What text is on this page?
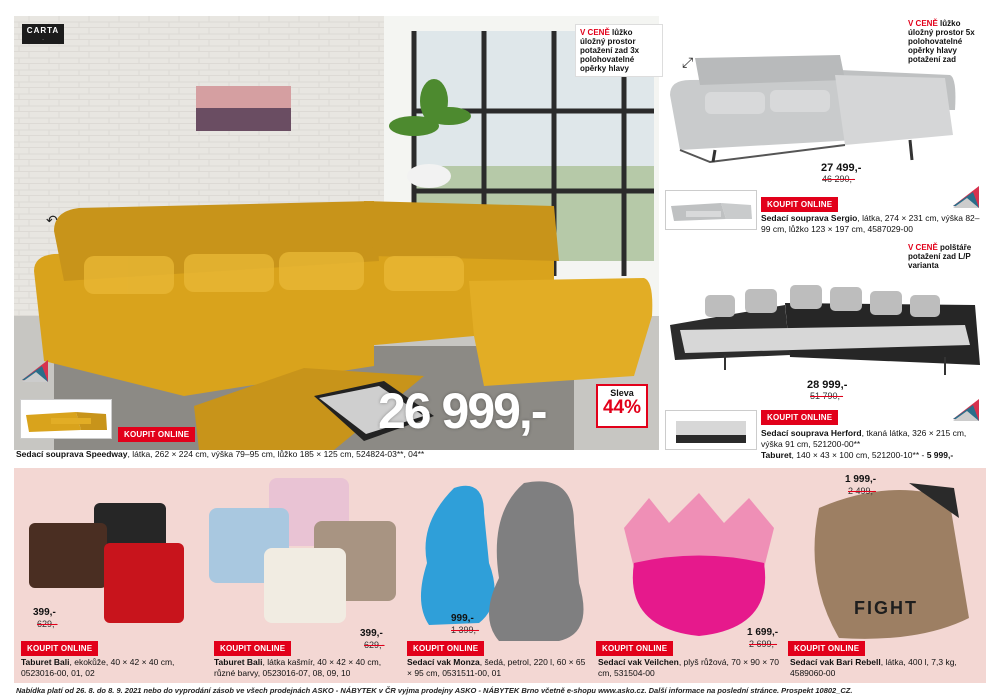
CARTA
.
↶
V CENĚ lůžko úložný prostor potažení zad 3x polohovatelné opěrky hlavy
KOUPIT ONLINE	26 999,-	Sleva
44%
Sedací souprava Speedway, látka, 262 × 224 cm, výška 79–95 cm, lůžko 185 × 125 cm, 524824-03**, 04**
⤢
V CENĚ lůžko úložný prostor 5x polohovatelné opěrky hlavy potažení zad
27 499,-
46 290,-
KOUPIT ONLINE
Sedací souprava Sergio, látka, 274 × 231 cm, výška 82–99 cm, lůžko 123 × 197 cm, 4587029-00
V CENĚ polštáře potažení zad L/P varianta
28 999,-
51 790,-
KOUPIT ONLINE
Sedací souprava Herford, tkaná látka, 326 × 215 cm, výška 91 cm, 521200-00**
Taburet, 140 × 43 × 100 cm, 521200-10** - 5 999,-
399,-
629,-
KOUPIT ONLINE
Taburet Bali, ekokůže, 40 × 42 × 40 cm, 0523016-00, 01, 02
399,-
629,-
KOUPIT ONLINE
Taburet Bali, látka kašmír, 40 × 42 × 40 cm, různé barvy, 0523016-07, 08, 09, 10
999,-
1 399,-
KOUPIT ONLINE
Sedací vak Monza, šedá, petrol, 220 l, 60 × 65 × 95 cm, 0531511-00, 01
1 699,-
2 699,-
KOUPIT ONLINE
Sedací vak Veilchen, plyš růžová, 70 × 90 × 70 cm, 531504-00
FIGHT
1 999,-
2 499,-
KOUPIT ONLINE
Sedací vak Bari Rebell, látka, 400 l, 7,3 kg, 4589060-00
Nabídka platí od 26. 8. do 8. 9. 2021 nebo do vyprodání zásob ve všech prodejnách ASKO - NÁBYTEK v ČR vyjma prodejny ASKO - NÁBYTEK Brno včetně e-shopu www.asko.cz. Další informace na poslední stránce. Prospekt 10802_CZ.
